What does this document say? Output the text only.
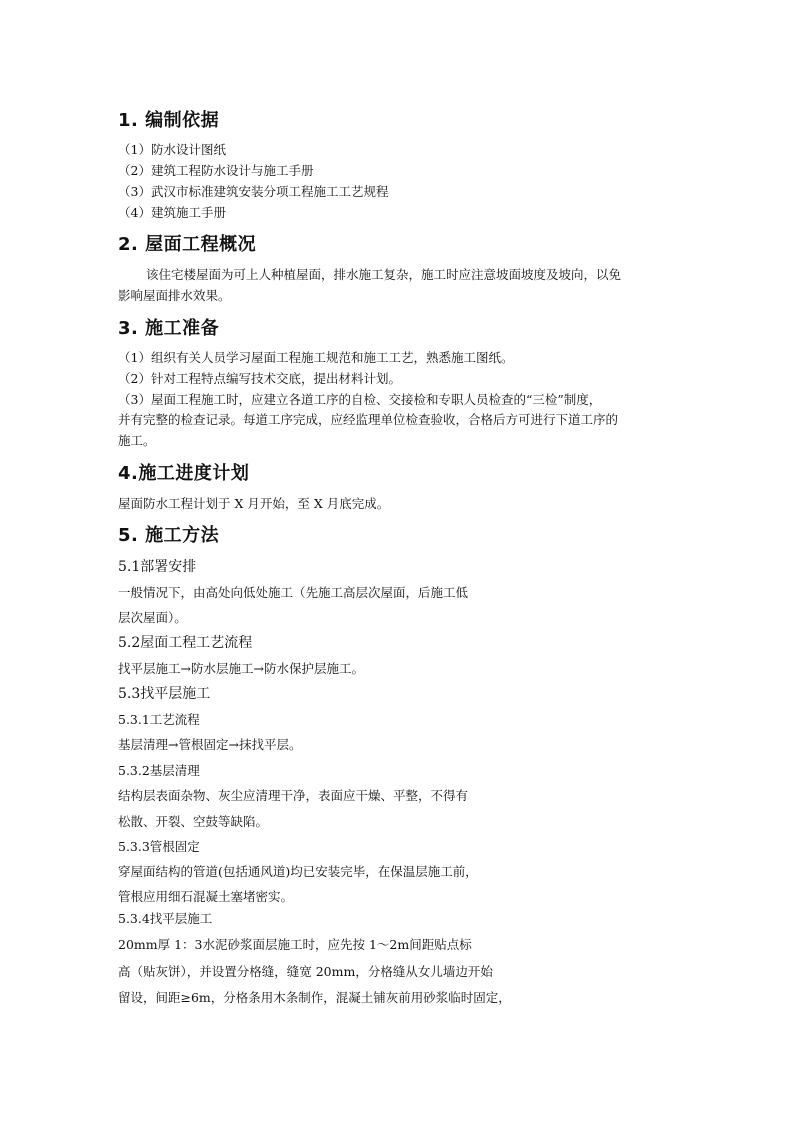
1. 编制依据
（1）防水设计图纸
（2）建筑工程防水设计与施工手册
（3）武汉市标准建筑安装分项工程施工工艺规程
（4）建筑施工手册
2. 屋面工程概况
该住宅楼屋面为可上人种植屋面，排水施工复杂，施工时应注意坡面坡度及坡向，以免
影响屋面排水效果。
3. 施工准备
（1）组织有关人员学习屋面工程施工规范和施工工艺，熟悉施工图纸。
（2）针对工程特点编写技术交底，提出材料计划。
（3）屋面工程施工时，应建立各道工序的自检、交接检和专职人员检查的“三检”制度，
并有完整的检查记录。每道工序完成，应经监理单位检查验收，合格后方可进行下道工序的
施工。
4.施工进度计划
屋面防水工程计划于 X 月开始，至 X 月底完成。
5. 施工方法
5.1部署安排
一般情况下，由高处向低处施工（先施工高层次屋面，后施工低
层次屋面）。
5.2屋面工程工艺流程
找平层施工→防水层施工→防水保护层施工。
5.3找平层施工
5.3.1工艺流程
基层清理→管根固定→抹找平层。
5.3.2基层清理
结构层表面杂物、灰尘应清理干净，表面应干燥、平整，不得有
松散、开裂、空鼓等缺陷。
5.3.3管根固定
穿屋面结构的管道(包括通风道)均已安装完毕，在保温层施工前，
管根应用细石混凝土塞堵密实。
5.3.4找平层施工
20mm厚 1：3水泥砂浆面层施工时，应先按 1～2m间距贴点标
高（贴灰饼），并设置分格缝，缝宽 20mm，分格缝从女儿墙边开始
留设，间距≥6m，分格条用木条制作，混凝土铺灰前用砂浆临时固定，
